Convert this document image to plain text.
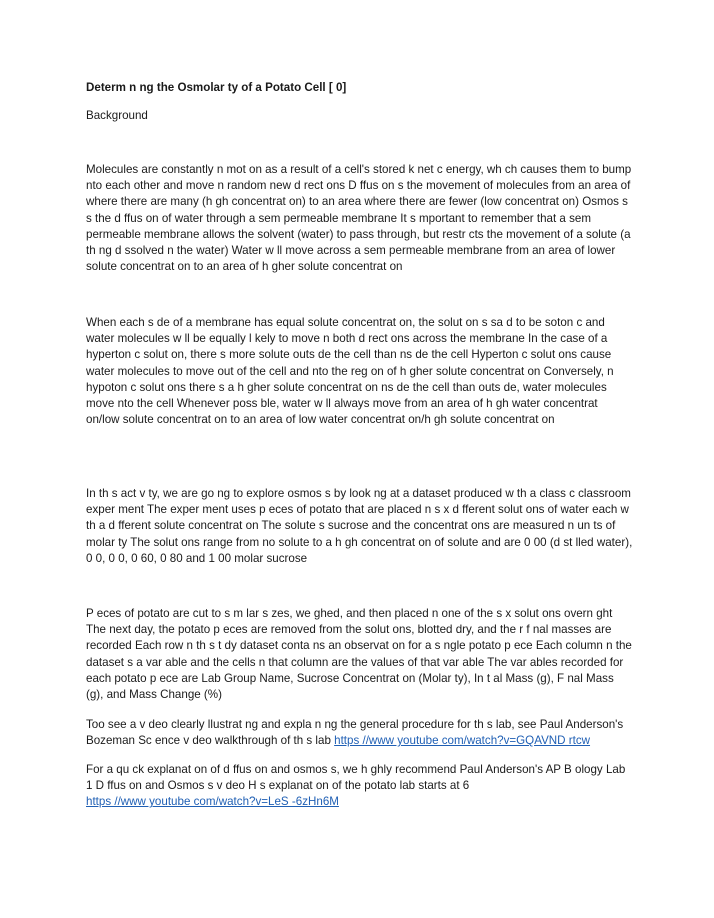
Determ n ng the Osmolar ty of a Potato Cell [ 0]

Background

Molecules are constantly n mot on as a result of a cell's stored k net c energy, wh ch causes them to bump nto each other and move n random new d rect ons D ffus on s the movement of molecules from an area of where there are many (h gh concentrat on) to an area where there are fewer (low concentrat on) Osmos s s the d ffus on of water through a sem permeable membrane It s mportant to remember that a sem permeable membrane allows the solvent (water) to pass through, but restr cts the movement of a solute (a th ng d ssolved n the water) Water w ll move across a sem permeable membrane from an area of lower solute concentrat on to an area of h gher solute concentrat on

When each s de of a membrane has equal solute concentrat on, the solut on s sa d to be soton c and water molecules w ll be equally l kely to move n both d rect ons across the membrane In the case of a hyperton c solut on, there s more solute outs de the cell than ns de the cell Hyperton c solut ons cause water molecules to move out of the cell and nto the reg on of h gher solute concentrat on Conversely, n hypoton c solut ons there s a h gher solute concentrat on ns de the cell than outs de, water molecules move nto the cell Whenever poss ble, water w ll always move from an area of h gh water concentrat on/low solute concentrat on to an area of low water concentrat on/h gh solute concentrat on

In th s act v ty, we are go ng to explore osmos s by look ng at a dataset produced w th a class c classroom exper ment The exper ment uses p eces of potato that are placed n s x d fferent solut ons of water each w th a d fferent solute concentrat on The solute s sucrose and the concentrat ons are measured n un ts of molar ty The solut ons range from no solute to a h gh concentrat on of solute and are 0 00 (d st lled water), 0 0, 0 0, 0 60, 0 80 and 1 00 molar sucrose

P eces of potato are cut to s m lar s zes, we ghed, and then placed n one of the s x solut ons overn ght The next day, the potato p eces are removed from the solut ons, blotted dry, and the r f nal masses are recorded Each row n th s t dy dataset conta ns an observat on for a s ngle potato p ece Each column n the dataset s a var able and the cells n that column are the values of that var able The var ables recorded for each potato p ece are Lab Group Name, Sucrose Concentrat on (Molar ty), In t al Mass (g), F nal Mass (g), and Mass Change (%)

Too see a v deo clearly llustrat ng and expla n ng the general procedure for th s lab, see Paul Anderson's Bozeman Sc ence v deo walkthrough of th s lab https //www youtube com/watch?v=GQAVND rtcw

For a qu ck explanat on of d ffus on and osmos s, we h ghly recommend Paul Anderson's AP B ology Lab 1 D ffus on and Osmos s v deo H s explanat on of the potato lab starts at 6
https //www youtube com/watch?v=LeS -6zHn6M
